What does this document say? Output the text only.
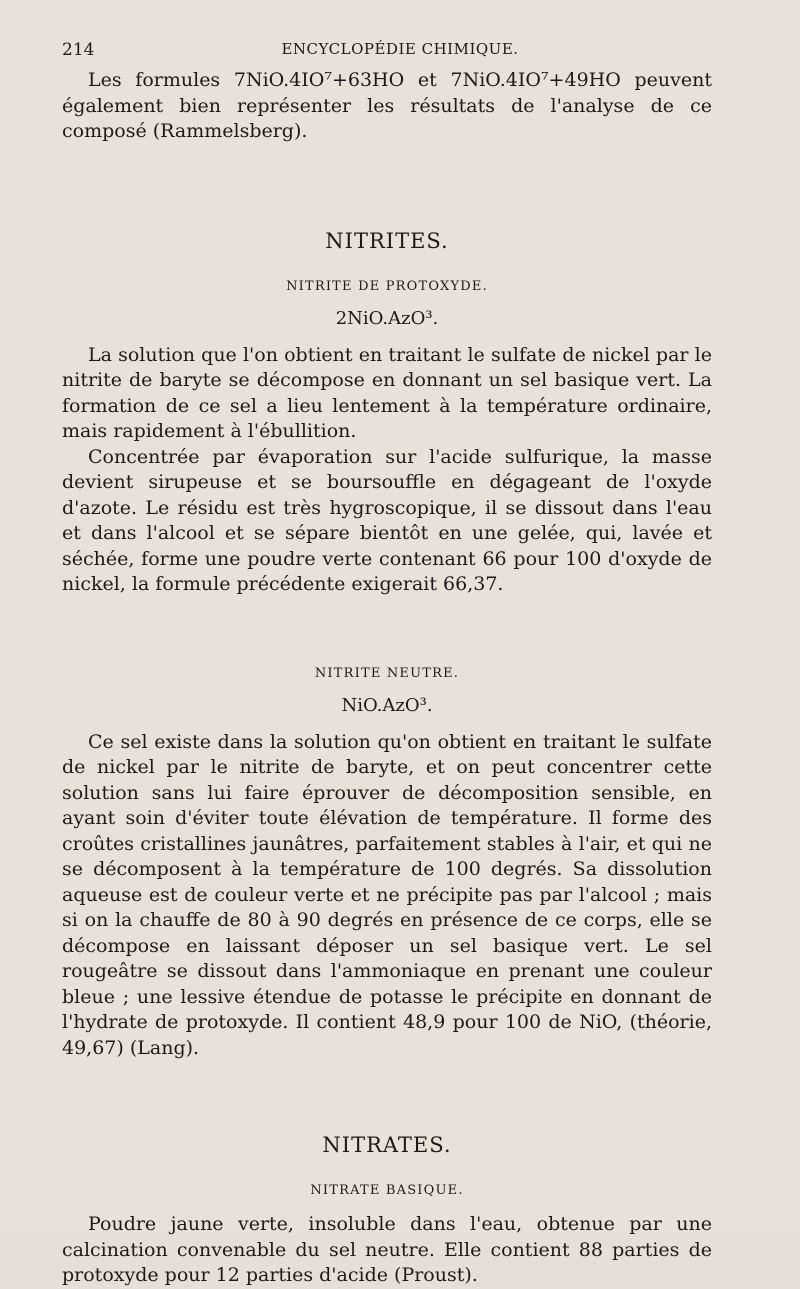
214	ENCYCLOPÉDIE CHIMIQUE.

Les formules 7NiO.4IO⁷+63HO et 7NiO.4IO⁷+49HO peuvent également bien représenter les résultats de l'analyse de ce composé (Rammelsberg).

NITRITES.
NITRITE DE PROTOXYDE.
2NiO.AzO³.

La solution que l'on obtient en traitant le sulfate de nickel par le nitrite de baryte se décompose en donnant un sel basique vert. La formation de ce sel a lieu lentement à la température ordinaire, mais rapidement à l'ébullition.

Concentrée par évaporation sur l'acide sulfurique, la masse devient sirupeuse et se boursouffle en dégageant de l'oxyde d'azote. Le résidu est très hygroscopique, il se dissout dans l'eau et dans l'alcool et se sépare bientôt en une gelée, qui, lavée et séchée, forme une poudre verte contenant 66 pour 100 d'oxyde de nickel, la formule précédente exigerait 66,37.

NITRITE NEUTRE.
NiO.AzO³.

Ce sel existe dans la solution qu'on obtient en traitant le sulfate de nickel par le nitrite de baryte, et on peut concentrer cette solution sans lui faire éprouver de décomposition sensible, en ayant soin d'éviter toute élévation de température. Il forme des croûtes cristallines jaunâtres, parfaitement stables à l'air, et qui ne se décomposent à la température de 100 degrés. Sa dissolution aqueuse est de couleur verte et ne précipite pas par l'alcool ; mais si on la chauffe de 80 à 90 degrés en présence de ce corps, elle se décompose en laissant déposer un sel basique vert. Le sel rougeâtre se dissout dans l'ammoniaque en prenant une couleur bleue ; une lessive étendue de potasse le précipite en donnant de l'hydrate de protoxyde. Il contient 48,9 pour 100 de NiO, (théorie, 49,67) (Lang).

NITRATES.
NITRATE BASIQUE.

Poudre jaune verte, insoluble dans l'eau, obtenue par une calcination convenable du sel neutre. Elle contient 88 parties de protoxyde pour 12 parties d'acide (Proust).
